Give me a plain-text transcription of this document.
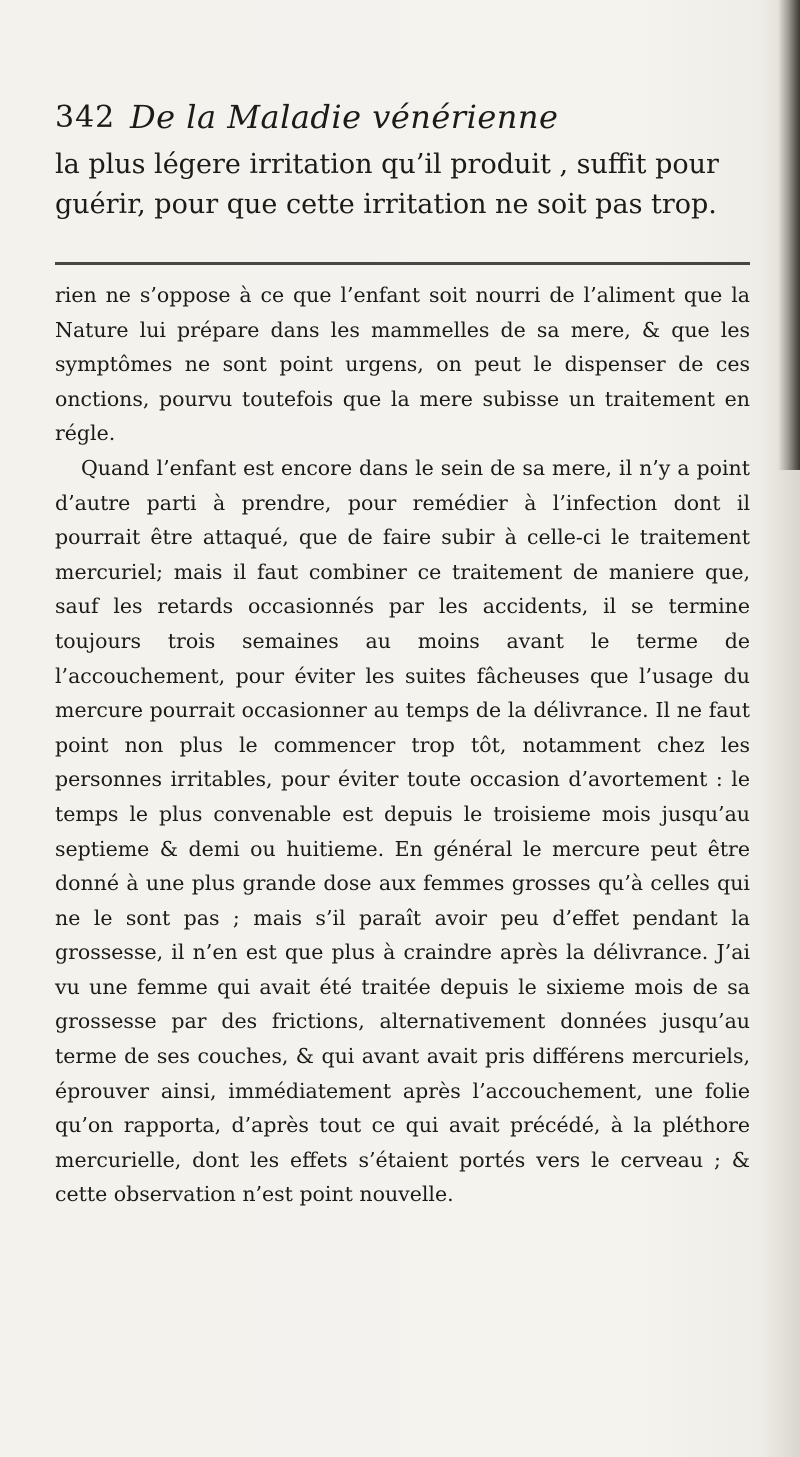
342 De la Maladie vénérienne

la plus légere irritation qu’il produit , suffit pour guérir, pour que cette irritation ne soit pas trop.

rien ne s’oppose à ce que l’enfant soit nourri de l’aliment que la Nature lui prépare dans les mammelles de sa mere, & que les symptômes ne sont point urgens, on peut le dispenser de ces onctions, pourvu toutefois que la mere subisse un traitement en régle.

Quand l’enfant est encore dans le sein de sa mere, il n’y a point d’autre parti à prendre, pour remédier à l’infection dont il pourrait être attaqué, que de faire subir à celle-ci le traitement mercuriel; mais il faut combiner ce traitement de maniere que, sauf les retards occasionnés par les accidents, il se termine toujours trois semaines au moins avant le terme de l’accouchement, pour éviter les suites fâcheuses que l’usage du mercure pourrait occasionner au temps de la délivrance. Il ne faut point non plus le commencer trop tôt, notamment chez les personnes irritables, pour éviter toute occasion d’avortement : le temps le plus convenable est depuis le troisieme mois jusqu’au septieme & demi ou huitieme. En général le mercure peut être donné à une plus grande dose aux femmes grosses qu’à celles qui ne le sont pas ; mais s’il paraît avoir peu d’effet pendant la grossesse, il n’en est que plus à craindre après la délivrance. J’ai vu une femme qui avait été traitée depuis le sixieme mois de sa grossesse par des frictions, alternativement données jusqu’au terme de ses couches, & qui avant avait pris différens mercuriels, éprouver ainsi, immédiatement après l’accouchement, une folie qu’on rapporta, d’après tout ce qui avait précédé, à la pléthore mercurielle, dont les effets s’étaient portés vers le cerveau ; & cette observation n’est point nouvelle.
